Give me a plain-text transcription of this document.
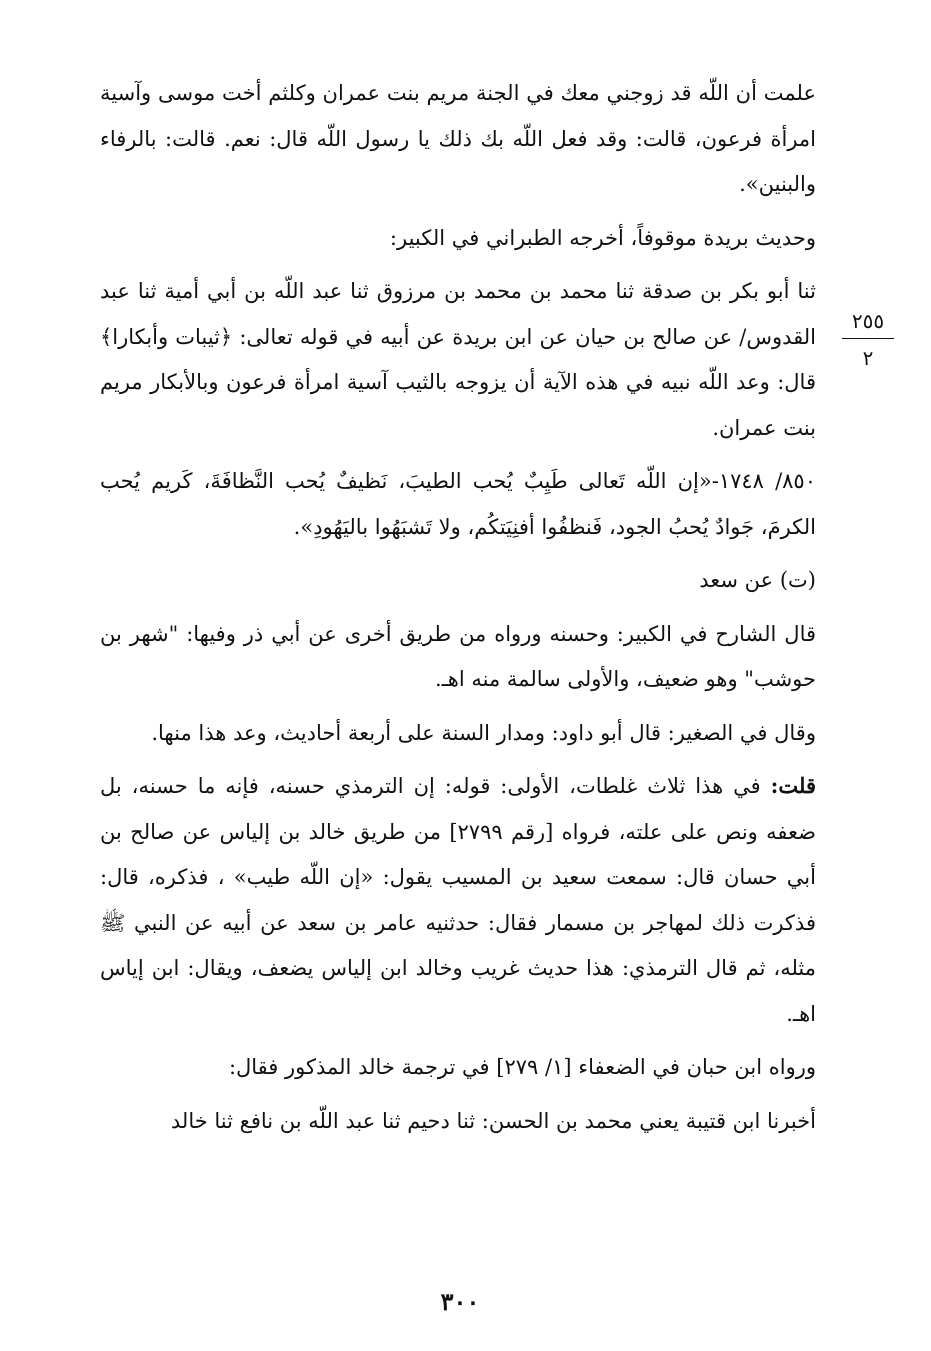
٢٥٥
٢

علمت أن اللّه قد زوجني معك في الجنة مريم بنت عمران وكلثم أخت موسى وآسية امرأة فرعون، قالت: وقد فعل اللّه بك ذلك يا رسول اللّه قال: نعم. قالت: بالرفاء والبنين».

وحديث بريدة موقوفاً، أخرجه الطبراني في الكبير:

ثنا أبو بكر بن صدقة ثنا محمد بن محمد بن مرزوق ثنا عبد اللّه بن أبي أمية ثنا عبد القدوس/ عن صالح بن حيان عن ابن بريدة عن أبيه في قوله تعالى: ﴿ثيبات وأبكارا﴾ قال: وعد اللّه نبيه في هذه الآية أن يزوجه بالثيب آسية امرأة فرعون وبالأبكار مريم بنت عمران.

٨٥٠/ ١٧٤٨-«إن اللّه تَعالى طَيِبٌ يُحب الطيبَ، نَظيفٌ يُحب النَّظافَةَ، كَريم يُحب الكرمَ، جَوادٌ يُحبُ الجود، فَنظفُوا أفنِيَتكُم، ولا تَشبَهُوا باليَهُودِ».

(ت) عن سعد

قال الشارح في الكبير: وحسنه ورواه من طريق أخرى عن أبي ذر وفيها: "شهر بن حوشب" وهو ضعيف، والأولى سالمة منه اهـ.

وقال في الصغير: قال أبو داود: ومدار السنة على أربعة أحاديث، وعد هذا منها.

قلت: في هذا ثلاث غلطات، الأولى: قوله: إن الترمذي حسنه، فإنه ما حسنه، بل ضعفه ونص على علته، فرواه [رقم ٢٧٩٩] من طريق خالد بن إلياس عن صالح بن أبي حسان قال: سمعت سعيد بن المسيب يقول: «إن اللّه طيب» ، فذكره، قال: فذكرت ذلك لمهاجر بن مسمار فقال: حدثنيه عامر بن سعد عن أبيه عن النبي ﷺ مثله، ثم قال الترمذي: هذا حديث غريب وخالد ابن إلياس يضعف، ويقال: ابن إياس اهـ.

ورواه ابن حبان في الضعفاء [١/ ٢٧٩] في ترجمة خالد المذكور فقال:

أخبرنا ابن قتيبة يعني محمد بن الحسن: ثنا دحيم ثنا عبد اللّه بن نافع ثنا خالد

٣٠٠
